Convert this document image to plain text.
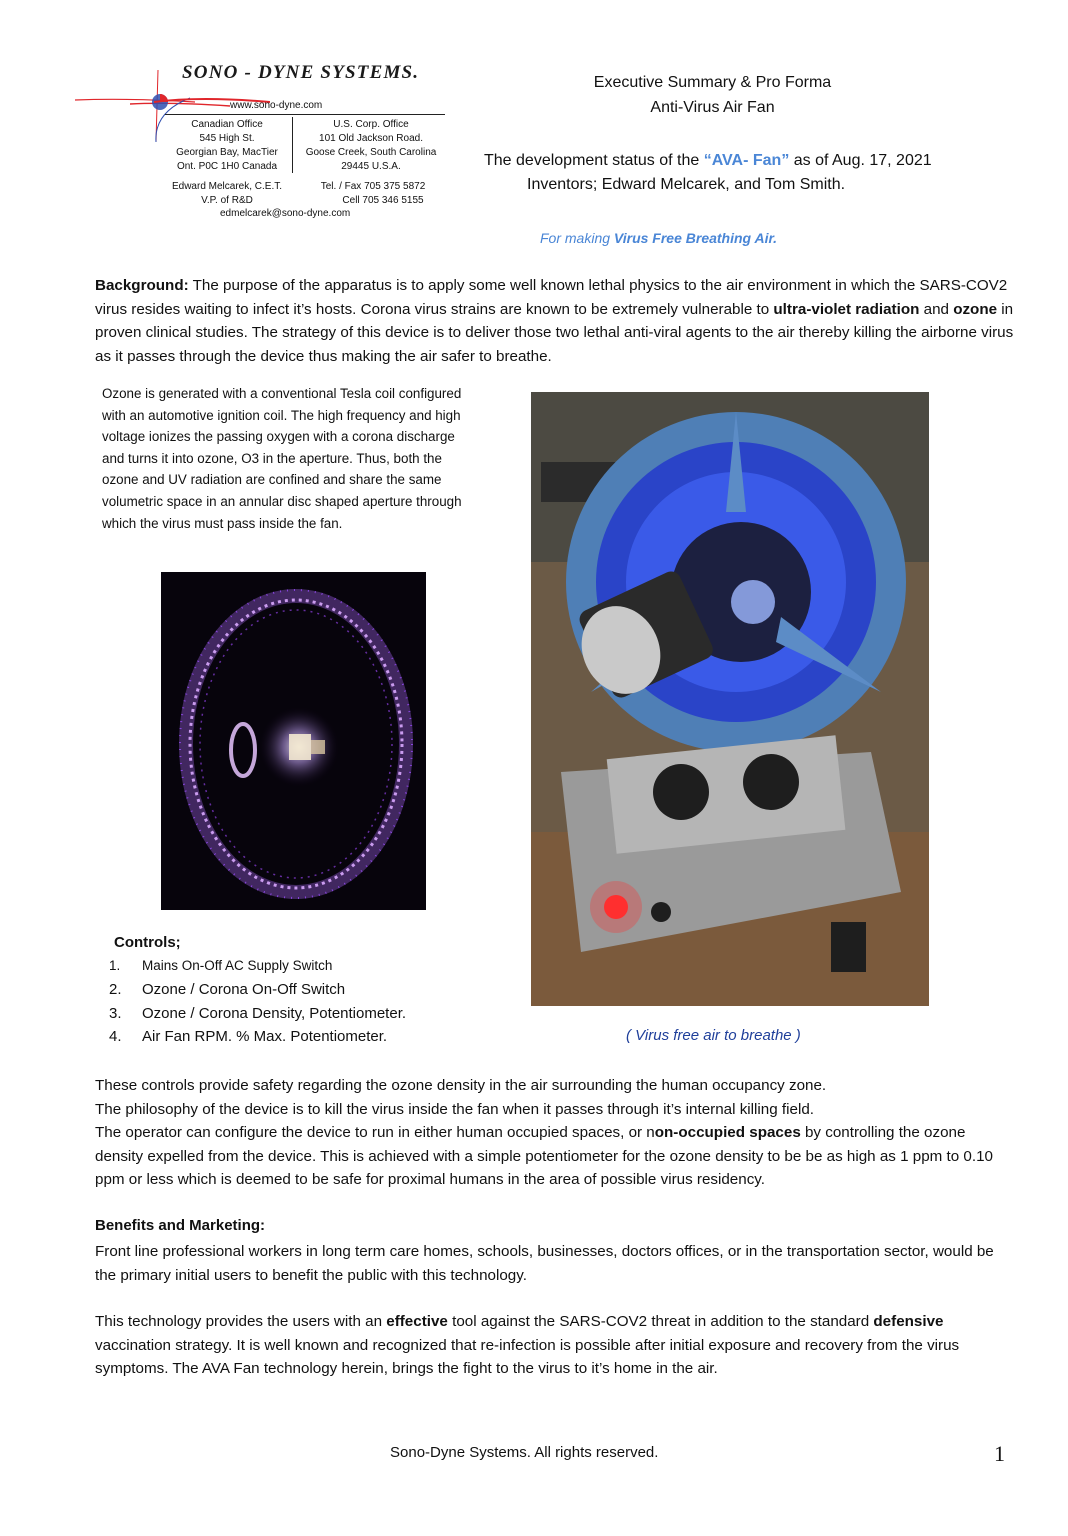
SONO - DYNE SYSTEMS.
www.sono-dyne.com
Canadian Office
545 High St.
Georgian Bay, MacTier
Ont. P0C 1H0 Canada
U.S. Corp. Office
101 Old Jackson Road.
Goose Creek, South Carolina
29445 U.S.A.
Edward Melcarek, C.E.T.
V.P. of R&D
Tel. / Fax 705 375 5872
Cell 705 346 5155
edmelcarek@sono-dyne.com
Executive Summary & Pro Forma
Anti-Virus Air Fan
The development status of the “AVA- Fan” as of Aug. 17, 2021
Inventors; Edward Melcarek, and Tom Smith.
For making Virus Free Breathing Air.
Background: The purpose of the apparatus is to apply some well known lethal physics to the air environment in which the SARS-COV2 virus resides waiting to infect it’s hosts. Corona virus strains are known to be extremely vulnerable to ultra-violet radiation and ozone in proven clinical studies. The strategy of this device is to deliver those two lethal anti-viral agents to the air thereby killing the airborne virus as it passes through the device thus making the air safer to breathe.
Ozone is generated with a conventional Tesla coil configured with an automotive ignition coil. The high frequency and high voltage ionizes the passing oxygen with a corona discharge and turns it into ozone, O3 in the aperture. Thus, both the ozone and UV radiation are confined and share the same volumetric space in an annular disc shaped aperture through which the virus must pass inside the fan.
( Virus free air to breathe )
Controls;
1. Mains On-Off AC Supply Switch
2. Ozone / Corona On-Off Switch
3. Ozone / Corona Density, Potentiometer.
4. Air Fan RPM. % Max. Potentiometer.
These controls provide safety regarding the ozone density in the air surrounding the human occupancy zone.
The philosophy of the device is to kill the virus inside the fan when it passes through it’s internal killing field.
The operator can configure the device to run in either human occupied spaces, or non-occupied spaces by controlling the ozone density expelled from the device. This is achieved with a simple potentiometer for the ozone density to be be as high as 1 ppm to 0.10 ppm or less which is deemed to be safe for proximal humans in the area of possible virus residency.
Benefits and Marketing:
Front line professional workers in long term care homes, schools, businesses, doctors offices, or in the transportation sector, would be the primary initial users to benefit the public with this technology.
This technology provides the users with an effective tool against the SARS-COV2 threat in addition to the standard defensive vaccination strategy. It is well known and recognized that re-infection is possible after initial exposure and recovery from the virus symptoms. The AVA Fan technology herein, brings the fight to the virus to it’s home in the air.
Sono-Dyne Systems. All rights reserved.	1
